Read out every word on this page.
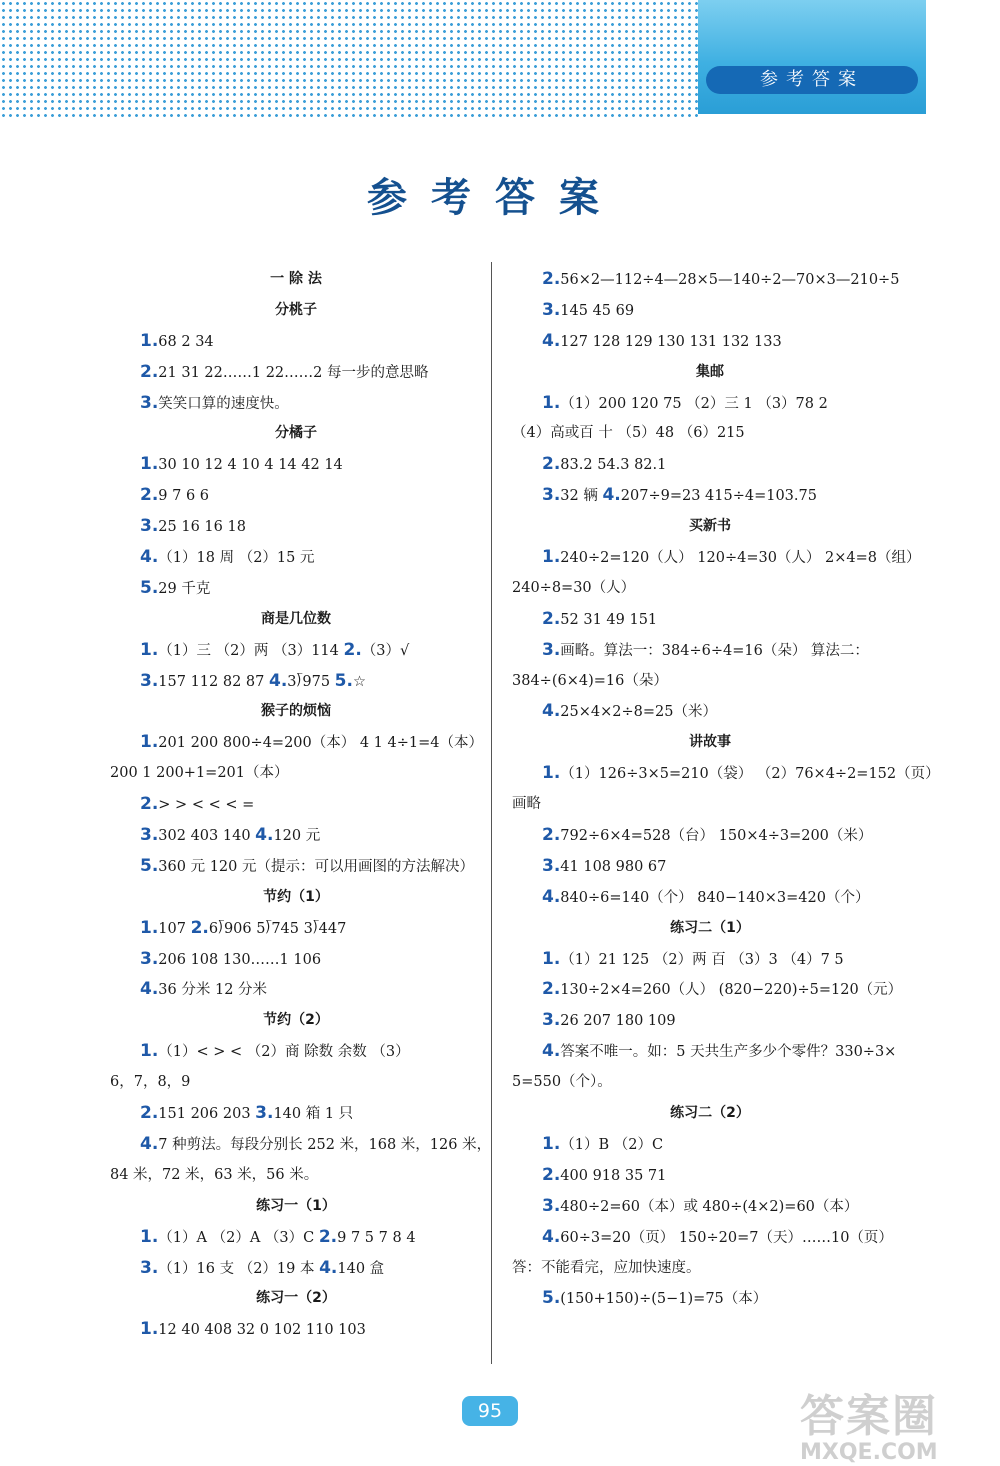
参考答案
参考答案
一 除 法
分桃子
1.68 2 34
2.21 31 22……1 22……2 每一步的意思略
3.笑笑口算的速度快。
分橘子
1.30 10 12 4 10 4 14 42 14
2.9 7 6 6
3.25 16 16 18
4.（1）18 周 （2）15 元
5.29 千克
商是几位数
1.（1）三 （2）两 （3）114 2.（3）√
3.157 112 82 87 4.3⟌975 5.☆
猴子的烦恼
1.201 200 800÷4=200（本） 4 1 4÷1=4（本）
200 1 200+1=201（本）
2.> > < < < =
3.302 403 140 4.120 元
5.360 元 120 元（提示：可以用画图的方法解决）
节约（1）
1.107 2.6⟌906 5⟌745 3⟌447
3.206 108 130……1 106
4.36 分米 12 分米
节约（2）
1.（1）< > < （2）商 除数 余数 （3）
6，7，8，9
2.151 206 203 3.140 箱 1 只
4.7 种剪法。每段分别长 252 米，168 米，126 米，
84 米，72 米，63 米，56 米。
练习一（1）
1.（1）A （2）A （3）C 2.9 7 5 7 8 4
3.（1）16 支 （2）19 本 4.140 盒
练习一（2）
1.12 40 408 32 0 102 110 103
2.56×2—112÷4—28×5—140÷2—70×3—210÷5
3.145 45 69
4.127 128 129 130 131 132 133
集邮
1.（1）200 120 75 （2）三 1 （3）78 2
（4）高或百 十 （5）48 （6）215
2.83.2 54.3 82.1
3.32 辆 4.207÷9=23 415÷4=103.75
买新书
1.240÷2=120（人） 120÷4=30（人） 2×4=8（组）
240÷8=30（人）
2.52 31 49 151
3.画略。算法一：384÷6÷4=16（朵） 算法二：
384÷(6×4)=16（朵）
4.25×4×2÷8=25（米）
讲故事
1.（1）126÷3×5=210（袋） （2）76×4÷2=152（页）
画略
2.792÷6×4=528（台） 150×4÷3=200（米）
3.41 108 980 67
4.840÷6=140（个） 840−140×3=420（个）
练习二（1）
1.（1）21 125 （2）两 百 （3）3 （4）7 5
2.130÷2×4=260（人） (820−220)÷5=120（元）
3.26 207 180 109
4.答案不唯一。如：5 天共生产多少个零件？330÷3×
5=550（个）。
练习二（2）
1.（1）B （2）C
2.400 918 35 71
3.480÷2=60（本）或 480÷(4×2)=60（本）
4.60÷3=20（页） 150÷20=7（天）……10（页）
答：不能看完，应加快速度。
5.(150+150)÷(5−1)=75（本）
95	答案圈
MXQE.COM
